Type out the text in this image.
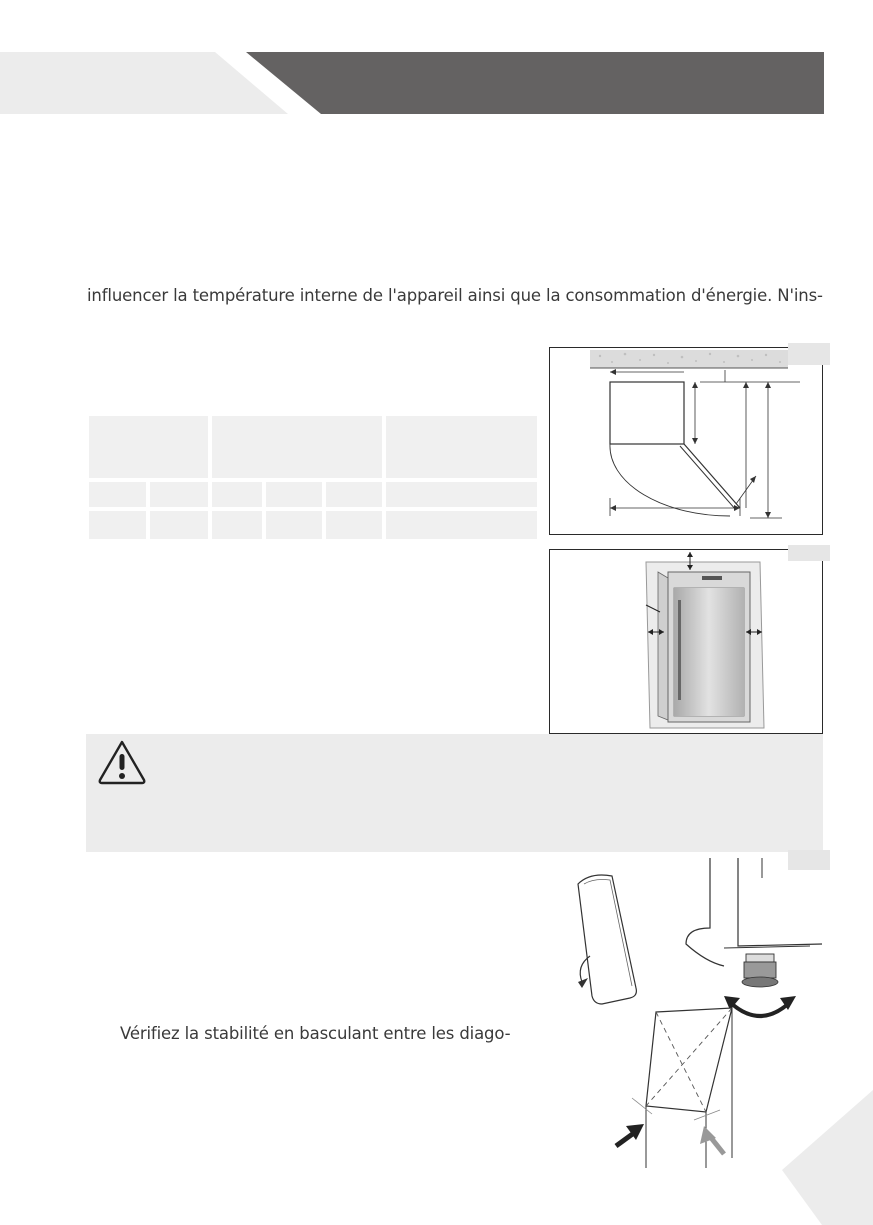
influencer la température interne de l'appareil ainsi que la consommation d'énergie. N'ins-
Vérifiez la stabilité en basculant entre les diago-
